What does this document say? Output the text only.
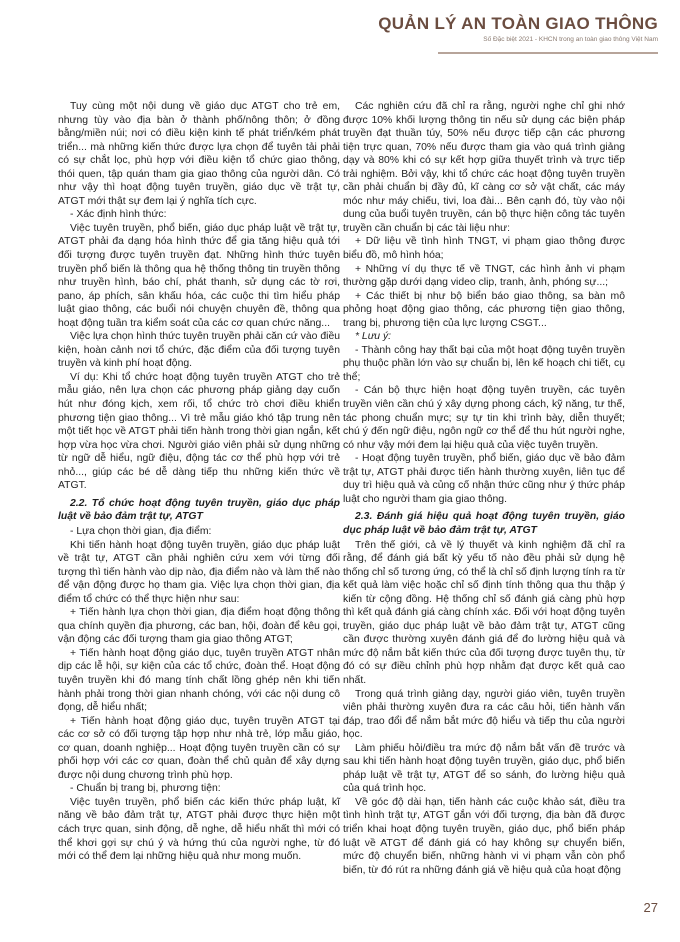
QUẢN LÝ AN TOÀN GIAO THÔNG
Số Đặc biệt 2021 - KHCN trong an toàn giao thông Việt Nam

Tuy cùng một nội dung về giáo dục ATGT cho trẻ em, nhưng tùy vào địa bàn ở thành phố/nông thôn; ở đồng bằng/miền núi; nơi có điều kiện kinh tế phát triển/kém phát triển... mà những kiến thức được lựa chọn để tuyên tải phải có sự chắt lọc, phù hợp với điều kiện tổ chức giao thông, thói quen, tập quán tham gia giao thông của người dân. Có như vậy thì hoạt động tuyên truyền, giáo dục về trật tự, ATGT mới thật sự đem lại ý nghĩa tích cực.

- Xác định hình thức:

Việc tuyên truyền, phổ biến, giáo dục pháp luật về trật tự, ATGT phải đa dạng hóa hình thức để gia tăng hiệu quả tới đối tượng được tuyên truyền đạt. Những hình thức tuyên truyền phổ biến là thông qua hệ thống thông tin truyền thông như truyền hình, báo chí, phát thanh, sử dụng các tờ rơi, pano, áp phích, sân khấu hóa, các cuộc thi tìm hiểu pháp luật giao thông, các buổi nói chuyện chuyên đề, thông qua hoạt động tuần tra kiểm soát của các cơ quan chức năng...

Việc lựa chọn hình thức tuyên truyền phải căn cứ vào điều kiện, hoàn cảnh nơi tổ chức, đặc điểm của đối tượng tuyên truyền và kinh phí hoạt động.

Ví dụ: Khi tổ chức hoạt động tuyên truyền ATGT cho trẻ mẫu giáo, nên lựa chọn các phương pháp giảng dạy cuốn hút như đóng kịch, xem rối, tổ chức trò chơi điều khiển phương tiện giao thông... Vì trẻ mẫu giáo khó tập trung nên một tiết học về ATGT phải tiến hành trong thời gian ngắn, kết hợp vừa học vừa chơi. Người giáo viên phải sử dụng những từ ngữ dễ hiểu, ngữ điệu, động tác cơ thể phù hợp với trẻ nhỏ..., giúp các bé dễ dàng tiếp thu những kiến thức về ATGT.

2.2. Tổ chức hoạt động tuyên truyền, giáo dục pháp luật về bảo đảm trật tự, ATGT

- Lựa chọn thời gian, địa điểm:

Khi tiến hành hoạt động tuyên truyền, giáo dục pháp luật về trật tự, ATGT cần phải nghiên cứu xem với từng đối tượng thì tiến hành vào dịp nào, địa điểm nào và làm thế nào để vận động được họ tham gia. Việc lựa chọn thời gian, địa điểm tổ chức có thể thực hiện như sau:

+ Tiến hành lựa chọn thời gian, địa điểm hoạt động thông qua chính quyền địa phương, các ban, hội, đoàn để kêu gọi, vận động các đối tượng tham gia giao thông ATGT;

+ Tiến hành hoạt động giáo dục, tuyên truyền ATGT nhân dịp các lễ hội, sự kiện của các tổ chức, đoàn thể. Hoạt động tuyên truyền khi đó mang tính chất lồng ghép nên khi tiến hành phải trong thời gian nhanh chóng, với các nội dung cô đọng, dễ hiểu nhất;

+ Tiến hành hoạt động giáo dục, tuyên truyền ATGT tại các cơ sở có đối tượng tập hợp như nhà trẻ, lớp mẫu giáo, cơ quan, doanh nghiệp... Hoạt động tuyên truyền cần có sự phối hợp với các cơ quan, đoàn thể chủ quản để xây dựng được nội dung chương trình phù hợp.

- Chuẩn bị trang bị, phương tiện:

Việc tuyên truyền, phổ biến các kiến thức pháp luật, kĩ năng về bảo đảm trật tự, ATGT phải được thực hiện một cách trực quan, sinh động, dễ nghe, dễ hiểu nhất thì mới có thể khơi gợi sự chú ý và hứng thú của người nghe, từ đó mới có thể đem lại những hiệu quả như mong muốn.

Các nghiên cứu đã chỉ ra rằng, người nghe chỉ ghi nhớ được 10% khối lượng thông tin nếu sử dụng các biện pháp truyền đạt thuần túy, 50% nếu được tiếp cận các phương tiện trực quan, 70% nếu được tham gia vào quá trình giảng dạy và 80% khi có sự kết hợp giữa thuyết trình và trực tiếp trải nghiệm. Bởi vậy, khi tổ chức các hoạt động tuyên truyền cần phải chuẩn bị đầy đủ, kĩ càng cơ sở vật chất, các máy móc như máy chiếu, tivi, loa đài... Bên cạnh đó, tùy vào nội dung của buổi tuyên truyền, cán bộ thực hiện công tác tuyên truyền cần chuẩn bị các tài liệu như:

+ Dữ liệu về tình hình TNGT, vi phạm giao thông được biểu đồ, mô hình hóa;

+ Những ví dụ thực tế về TNGT, các hình ảnh vi phạm thường gặp dưới dạng video clip, tranh, ảnh, phóng sự...;

+ Các thiết bị như bộ biển báo giao thông, sa bàn mô phỏng hoạt động giao thông, các phương tiện giao thông, trang bị, phương tiện của lực lượng CSGT...

* Lưu ý:

- Thành công hay thất bại của một hoạt động tuyên truyền phụ thuộc phần lớn vào sự chuẩn bị, lên kế hoạch chi tiết, cụ thể;

- Cán bộ thực hiện hoạt động tuyên truyền, các tuyên truyền viên cần chú ý xây dựng phong cách, kỹ năng, tư thế, tác phong chuẩn mực; sự tự tin khi trình bày, diễn thuyết; chú ý đến ngữ điệu, ngôn ngữ cơ thể để thu hút người nghe, có như vậy mới đem lại hiệu quả của việc tuyên truyền.

- Hoạt động tuyên truyền, phổ biến, giáo dục về bảo đảm trật tự, ATGT phải được tiến hành thường xuyên, liên tục để duy trì hiệu quả và củng cố nhận thức cũng như ý thức pháp luật cho người tham gia giao thông.

2.3. Đánh giá hiệu quả hoạt động tuyên truyền, giáo dục pháp luật về bảo đảm trật tự, ATGT

Trên thế giới, cả về lý thuyết và kinh nghiệm đã chỉ ra rằng, để đánh giá bất kỳ yếu tố nào đều phải sử dụng hệ thống chỉ số tương ứng, có thể là chỉ số định lượng tính ra từ kết quả làm việc hoặc chỉ số định tính thông qua thu thập ý kiến từ cộng đồng. Hệ thống chỉ số đánh giá càng phù hợp thì kết quả đánh giá càng chính xác. Đối với hoạt động tuyên truyền, giáo dục pháp luật về bảo đảm trật tự, ATGT cũng cần được thường xuyên đánh giá để đo lường hiệu quả và mức độ nắm bắt kiến thức của đối tượng được tuyên thụ, từ đó có sự điều chỉnh phù hợp nhằm đạt được kết quả cao nhất.

Trong quá trình giảng dạy, người giáo viên, tuyên truyền viên phải thường xuyên đưa ra các câu hỏi, tiến hành vấn đáp, trao đổi để nắm bắt mức độ hiểu và tiếp thu của người học.

Làm phiếu hỏi/điều tra mức độ nắm bắt vấn đề trước và sau khi tiến hành hoạt động tuyên truyền, giáo dục, phổ biến pháp luật về trật tự, ATGT để so sánh, đo lường hiệu quả của quá trình học.

Về góc độ dài hạn, tiến hành các cuộc khảo sát, điều tra tình hình trật tự, ATGT gắn với đối tượng, địa bàn đã được triển khai hoạt động tuyên truyền, giáo dục, phổ biến pháp luật về ATGT để đánh giá có hay không sự chuyển biến, mức độ chuyển biến, những hành vi vi phạm vẫn còn phổ biến, từ đó rút ra những đánh giá về hiệu quả của hoạt động

27
